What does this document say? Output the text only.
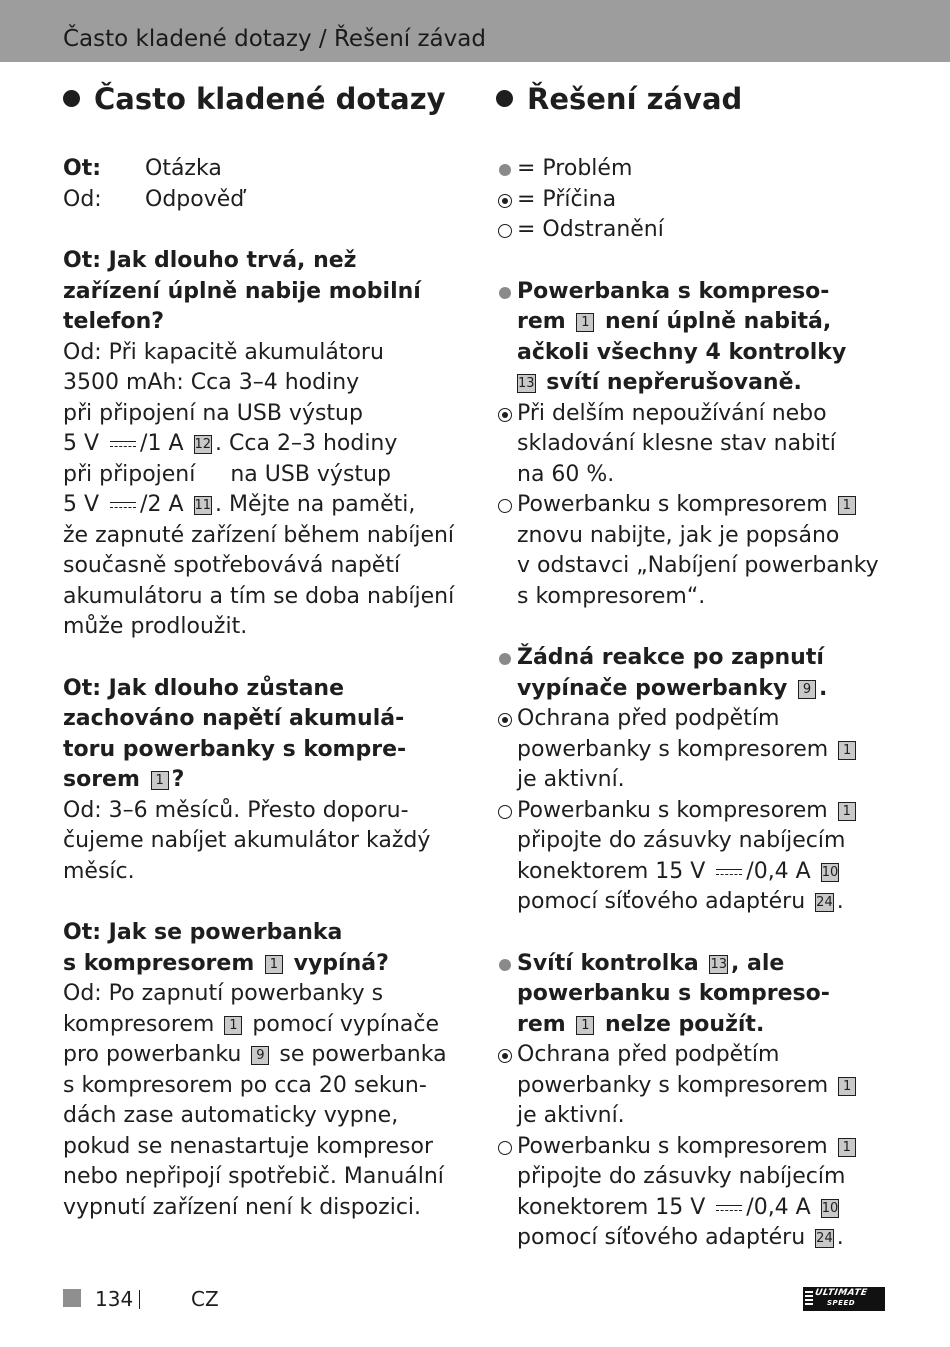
Často kladené dotazy / Řešení závad
Často kladené dotazy
Ot:	Otázka
Od:	Odpověď
Ot: Jak dlouho trvá, než
zařízení úplně nabije mobilní
telefon?
Od: Při kapacitě akumulátoru
3500 mAh: Cca 3–4 hodiny
při připojení na USB výstup
5 V /1 A 12 . Cca 2–3 hodiny
při připojení     na USB výstup
5 V /2 A 11 . Mějte na paměti,
že zapnuté zařízení během nabíjení
současně spotřebovává napětí
akumulátoru a tím se doba nabíjení
může prodloužit.
Ot: Jak dlouho zůstane
zachováno napětí akumulá-
toru powerbanky s kompre-
sorem 1 ?
Od: 3–6 měsíců. Přesto doporu-
čujeme nabíjet akumulátor každý
měsíc.
Ot: Jak se powerbanka
s kompresorem 1 vypíná?
Od: Po zapnutí powerbanky s
kompresorem 1 pomocí vypínače
pro powerbanku 9 se powerbanka
s kompresorem po cca 20 sekun-
dách zase automaticky vypne,
pokud se nenastartuje kompresor
nebo nepřipojí spotřebič. Manuální
vypnutí zařízení není k dispozici.
Řešení závad
= Problém
= Příčina
= Odstranění
Powerbanka s kompreso-
rem 1 není úplně nabitá,
ačkoli všechny 4 kontrolky
13 svítí nepřerušovaně.
Při delším nepoužívání nebo
skladování klesne stav nabití
na 60 %.
Powerbanku s kompresorem 1
znovu nabijte, jak je popsáno
v odstavci „Nabíjení powerbanky
s kompresorem“.
Žádná reakce po zapnutí
vypínače powerbanky 9 .
Ochrana před podpětím
powerbanky s kompresorem 1
je aktivní.
Powerbanku s kompresorem 1
připojte do zásuvky nabíjecím
konektorem 15 V /0,4 A 10
pomocí síťového adaptéru 24 .
Svítí kontrolka 13 , ale
powerbanku s kompreso-
rem 1 nelze použít.
Ochrana před podpětím
powerbanky s kompresorem 1
je aktivní.
Powerbanku s kompresorem 1
připojte do zásuvky nabíjecím
konektorem 15 V /0,4 A 10
pomocí síťového adaptéru 24 .
134	CZ	ULTIMATE
SPEED
